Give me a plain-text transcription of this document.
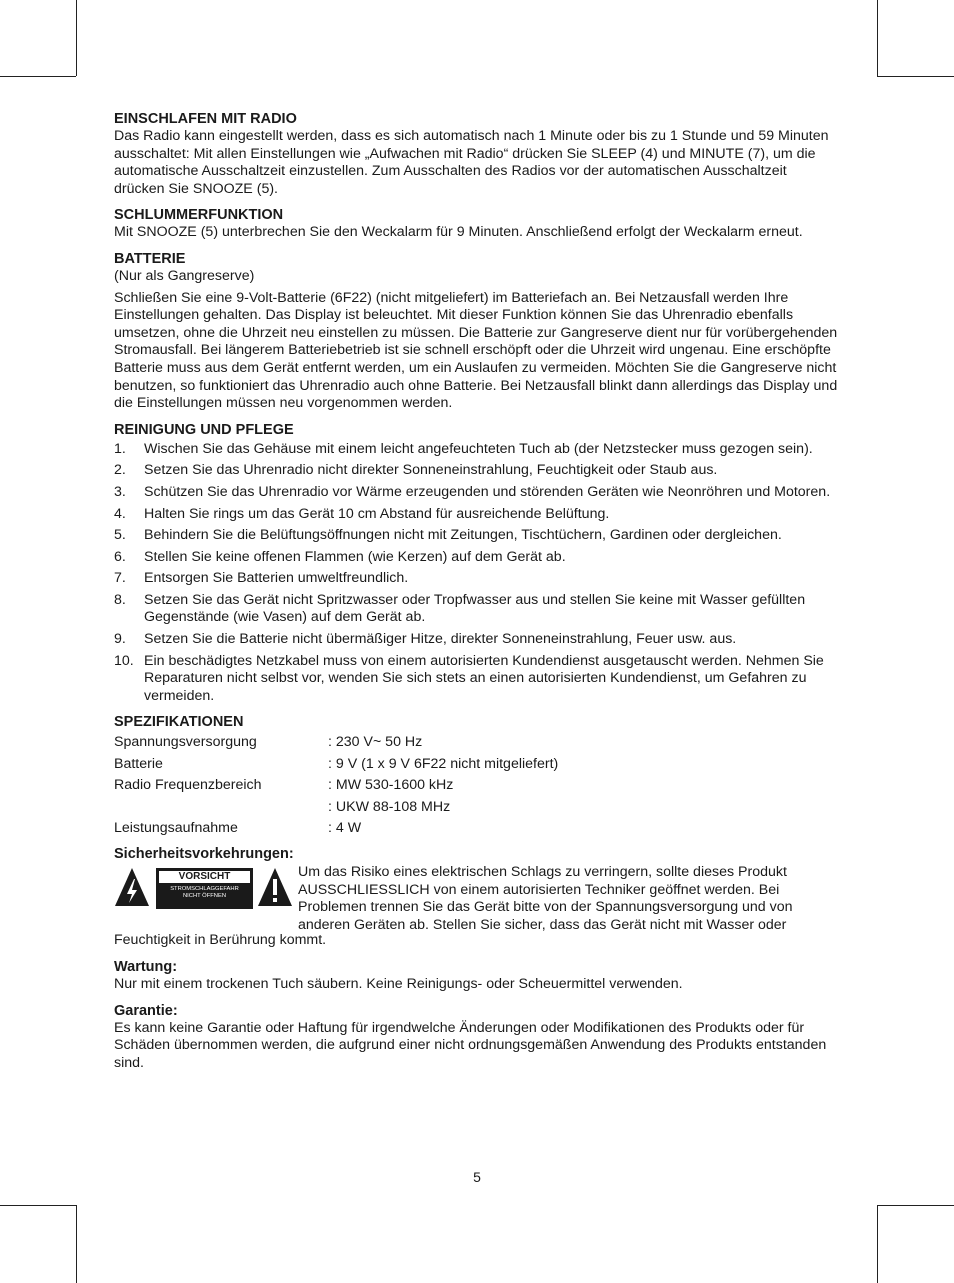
EINSCHLAFEN MIT RADIO

Das Radio kann eingestellt werden, dass es sich automatisch nach 1 Minute oder bis zu 1 Stunde und 59 Minuten ausschaltet: Mit allen Einstellungen wie „Aufwachen mit Radio“ drücken Sie SLEEP (4) und MINUTE (7), um die automatische Ausschaltzeit einzustellen. Zum Ausschalten des Radios vor der automatischen Ausschaltzeit drücken Sie SNOOZE (5).

SCHLUMMERFUNKTION

Mit SNOOZE (5) unterbrechen Sie den Weckalarm für 9 Minuten. Anschließend erfolgt der Weckalarm erneut.

BATTERIE

(Nur als Gangreserve)

Schließen Sie eine 9-Volt-Batterie (6F22) (nicht mitgeliefert) im Batteriefach an. Bei Netzausfall werden Ihre Einstellungen gehalten. Das Display ist beleuchtet. Mit dieser Funktion können Sie das Uhrenradio ebenfalls umsetzen, ohne die Uhrzeit neu einstellen zu müssen. Die Batterie zur Gangreserve dient nur für vorübergehenden Stromausfall. Bei längerem Batteriebetrieb ist sie schnell erschöpft oder die Uhrzeit wird ungenau. Eine erschöpfte Batterie muss aus dem Gerät entfernt werden, um ein Auslaufen zu vermeiden. Möchten Sie die Gangreserve nicht benutzen, so funktioniert das Uhrenradio auch ohne Batterie. Bei Netzausfall blinkt dann allerdings das Display und die Einstellungen müssen neu vorgenommen werden.

REINIGUNG UND PFLEGE
1. Wischen Sie das Gehäuse mit einem leicht angefeuchteten Tuch ab (der Netzstecker muss gezogen sein).
2. Setzen Sie das Uhrenradio nicht direkter Sonneneinstrahlung, Feuchtigkeit oder Staub aus.
3. Schützen Sie das Uhrenradio vor Wärme erzeugenden und störenden Geräten wie Neonröhren und Motoren.
4. Halten Sie rings um das Gerät 10 cm Abstand für ausreichende Belüftung.
5. Behindern Sie die Belüftungsöffnungen nicht mit Zeitungen, Tischtüchern, Gardinen oder dergleichen.
6. Stellen Sie keine offenen Flammen (wie Kerzen) auf dem Gerät ab.
7. Entsorgen Sie Batterien umweltfreundlich.
8. Setzen Sie das Gerät nicht Spritzwasser oder Tropfwasser aus und stellen Sie keine mit Wasser gefüllten Gegenstände (wie Vasen) auf dem Gerät ab.
9. Setzen Sie die Batterie nicht übermäßiger Hitze, direkter Sonneneinstrahlung, Feuer usw. aus.
10. Ein beschädigtes Netzkabel muss von einem autorisierten Kundendienst ausgetauscht werden. Nehmen Sie Reparaturen nicht selbst vor, wenden Sie sich stets an einen autorisierten Kundendienst, um Gefahren zu vermeiden.
SPEZIFIKATIONEN
Spannungsversorgung	: 230 V~ 50 Hz
Batterie	: 9 V (1 x 9 V 6F22 nicht mitgeliefert)
Radio Frequenzbereich	: MW 530-1600 kHz
	: UKW 88-108 MHz
Leistungsaufnahme	: 4 W
Sicherheitsvorkehrungen:
VORSICHT
STROMSCHLAGGEFAHR
NICHT ÖFFNEN

Um das Risiko eines elektrischen Schlags zu verringern, sollte dieses Produkt AUSSCHLIESSLICH von einem autorisierten Techniker geöffnet werden. Bei Problemen trennen Sie das Gerät bitte von der Spannungsversorgung und von anderen Geräten ab. Stellen Sie sicher, dass das Gerät nicht mit Wasser oder

Feuchtigkeit in Berührung kommt.

Wartung:

Nur mit einem trockenen Tuch säubern. Keine Reinigungs- oder Scheuermittel verwenden.

Garantie:

Es kann keine Garantie oder Haftung für irgendwelche Änderungen oder Modifikationen des Produkts oder für Schäden übernommen werden, die aufgrund einer nicht ordnungsgemäßen Anwendung des Produkts entstanden sind.

5
